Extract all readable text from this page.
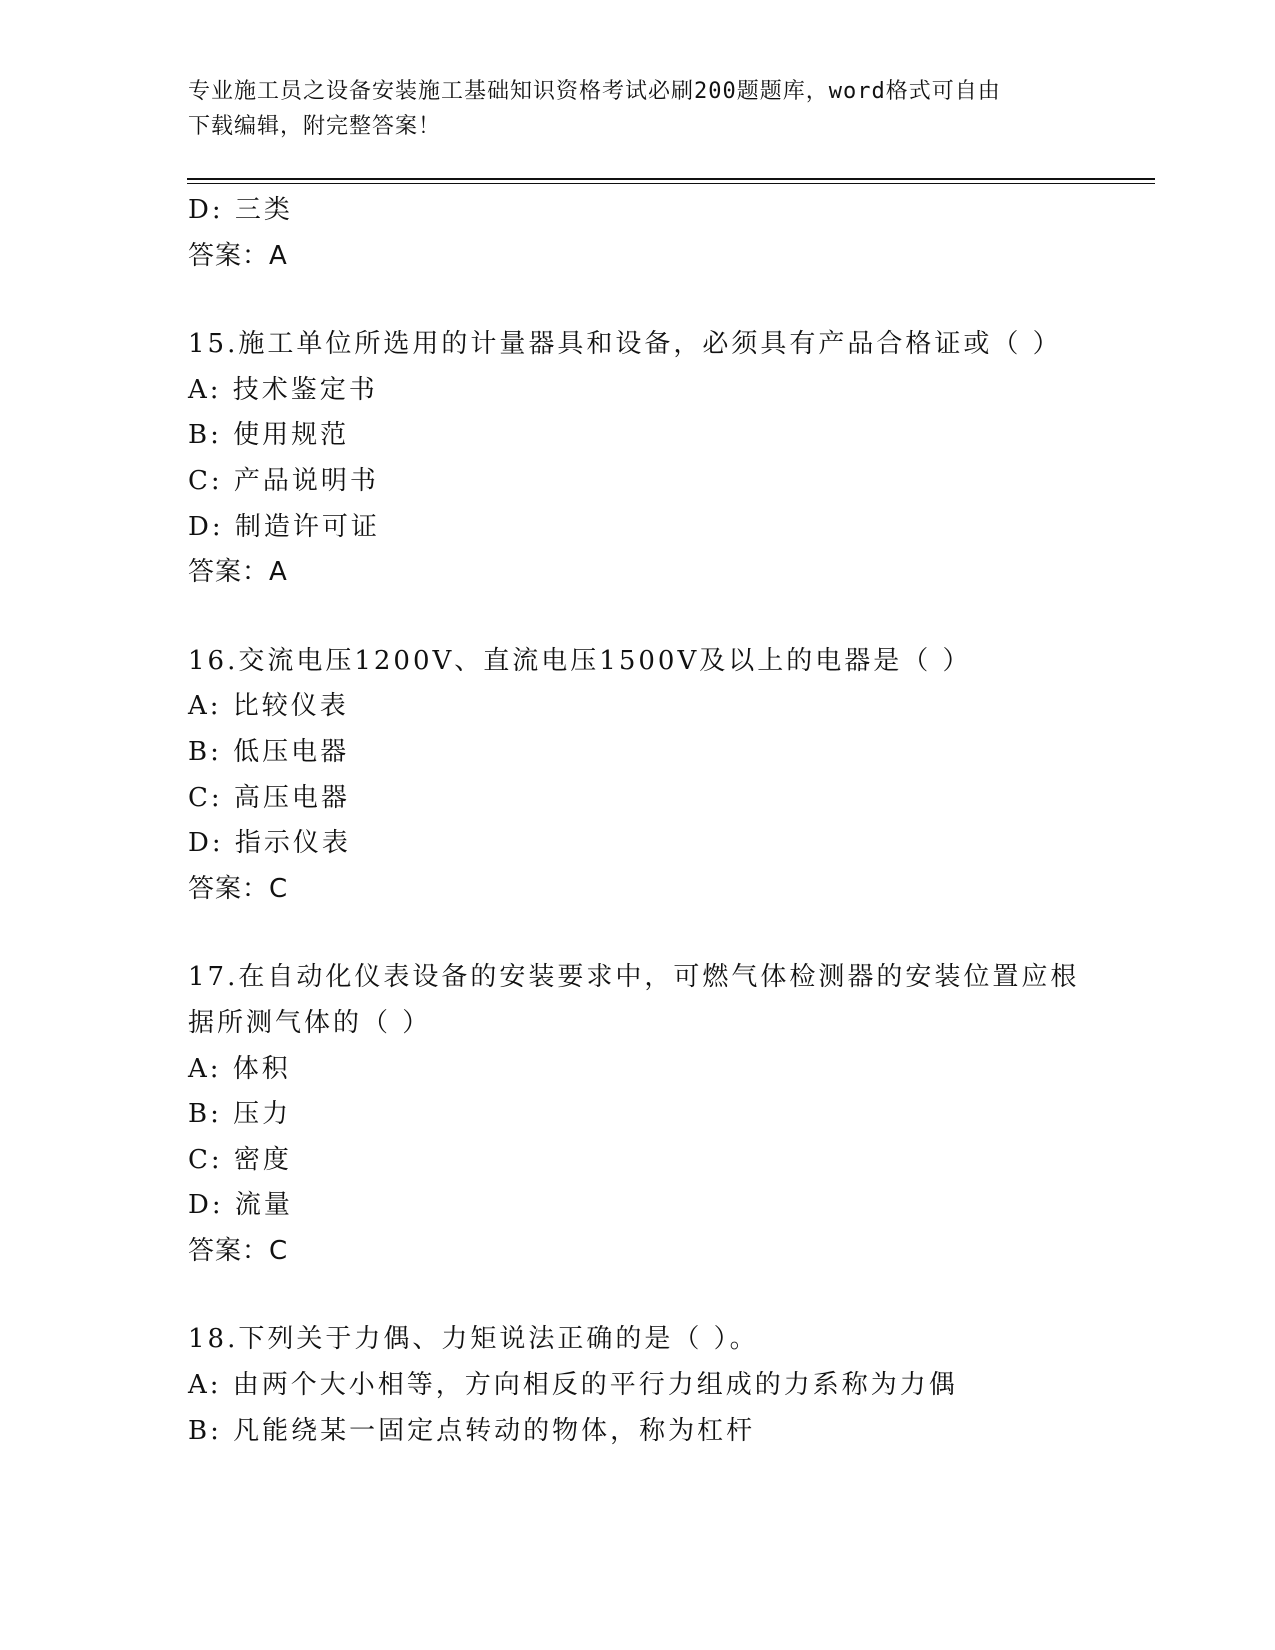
专业施工员之设备安装施工基础知识资格考试必刷200题题库，word格式可自由
下载编辑，附完整答案！
D: 三类
答案：A
15.施工单位所选用的计量器具和设备，必须具有产品合格证或（ ）
A: 技术鉴定书
B: 使用规范
C: 产品说明书
D: 制造许可证
答案：A
16.交流电压1200V、直流电压1500V及以上的电器是（ ）
A: 比较仪表
B: 低压电器
C: 高压电器
D: 指示仪表
答案：C
17.在自动化仪表设备的安装要求中，可燃气体检测器的安装位置应根据所测气体的（ ）
A: 体积
B: 压力
C: 密度
D: 流量
答案：C
18.下列关于力偶、力矩说法正确的是（ ）。
A: 由两个大小相等，方向相反的平行力组成的力系称为力偶
B: 凡能绕某一固定点转动的物体，称为杠杆
